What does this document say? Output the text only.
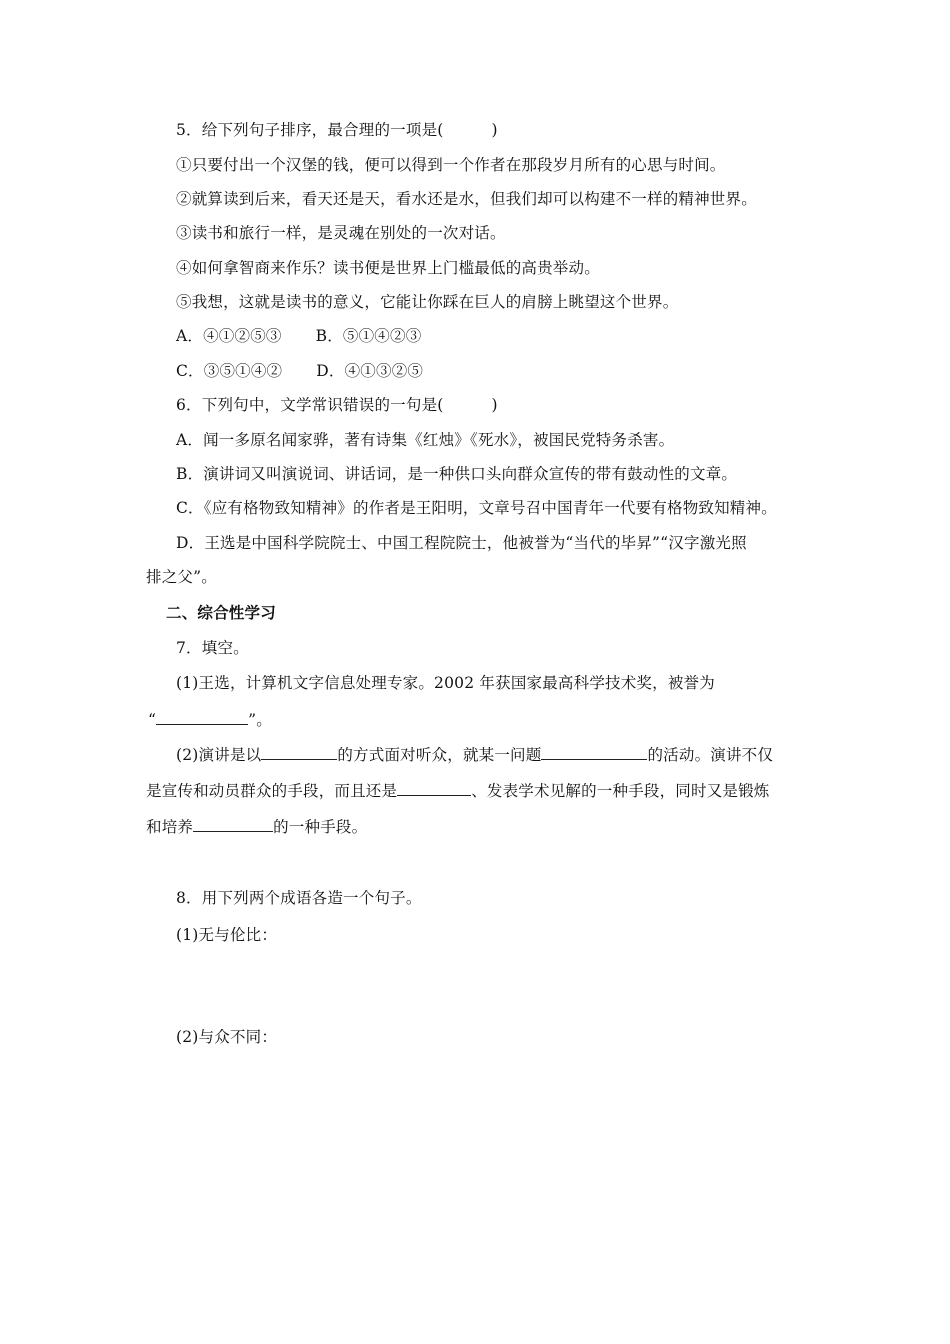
5．给下列句子排序，最合理的一项是(	)
①只要付出一个汉堡的钱，便可以得到一个作者在那段岁月所有的心思与时间。
②就算读到后来，看天还是天，看水还是水，但我们却可以构建不一样的精神世界。
③读书和旅行一样，是灵魂在别处的一次对话。
④如何拿智商来作乐？读书便是世界上门槛最低的高贵举动。
⑤我想，这就是读书的意义，它能让你踩在巨人的肩膀上眺望这个世界。
A．④①②⑤③ B．⑤①④②③
C．③⑤①④② D．④①③②⑤
6．下列句中，文学常识错误的一句是(	)
A．闻一多原名闻家骅，著有诗集《红烛》《死水》，被国民党特务杀害。
B．演讲词又叫演说词、讲话词，是一种供口头向群众宣传的带有鼓动性的文章。
C．《应有格物致知精神》的作者是王阳明，文章号召中国青年一代要有格物致知精神。
D．王选是中国科学院院士、中国工程院院士，他被誉为“当代的毕昇”“汉字激光照
排之父”。
二、综合性学习
7．填空。
(1)王选，计算机文字信息处理专家。2002 年获国家最高科学技术奖，被誉为
“	”。
(2)演讲是以	的方式面对听众，就某一问题	的活动。演讲不仅
是宣传和动员群众的手段，而且还是	、发表学术见解的一种手段，同时又是锻炼
和培养	的一种手段。
8．用下列两个成语各造一个句子。
(1)无与伦比：
(2)与众不同：
